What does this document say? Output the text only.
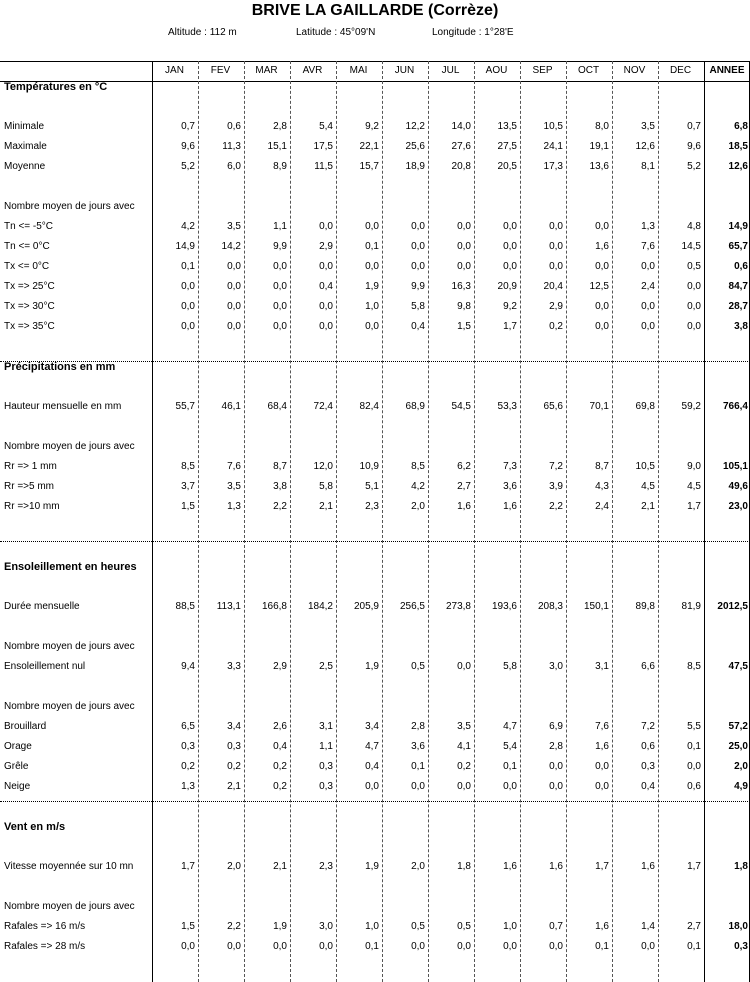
BRIVE LA GAILLARDE (Corrèze)
Altitude : 112 m	Latitude : 45°09'N	Longitude : 1°28'E
JAN	FEV	MAR	AVR	MAI	JUN	JUL	AOU	SEP	OCT	NOV	DEC	ANNEE
Températures en °C
Minimale	0,7	0,6	2,8	5,4	9,2	12,2	14,0	13,5	10,5	8,0	3,5	0,7	6,8
Maximale	9,6	11,3	15,1	17,5	22,1	25,6	27,6	27,5	24,1	19,1	12,6	9,6	18,5
Moyenne	5,2	6,0	8,9	11,5	15,7	18,9	20,8	20,5	17,3	13,6	8,1	5,2	12,6
Nombre moyen de jours avec
Tn <= -5°C	4,2	3,5	1,1	0,0	0,0	0,0	0,0	0,0	0,0	0,0	1,3	4,8	14,9
Tn <= 0°C	14,9	14,2	9,9	2,9	0,1	0,0	0,0	0,0	0,0	1,6	7,6	14,5	65,7
Tx <= 0°C	0,1	0,0	0,0	0,0	0,0	0,0	0,0	0,0	0,0	0,0	0,0	0,5	0,6
Tx => 25°C	0,0	0,0	0,0	0,4	1,9	9,9	16,3	20,9	20,4	12,5	2,4	0,0	84,7
Tx => 30°C	0,0	0,0	0,0	0,0	1,0	5,8	9,8	9,2	2,9	0,0	0,0	0,0	28,7
Tx => 35°C	0,0	0,0	0,0	0,0	0,0	0,4	1,5	1,7	0,2	0,0	0,0	0,0	3,8
Précipitations en mm
Hauteur mensuelle en mm	55,7	46,1	68,4	72,4	82,4	68,9	54,5	53,3	65,6	70,1	69,8	59,2	766,4
Nombre moyen de jours avec
Rr => 1 mm	8,5	7,6	8,7	12,0	10,9	8,5	6,2	7,3	7,2	8,7	10,5	9,0	105,1
Rr =>5 mm	3,7	3,5	3,8	5,8	5,1	4,2	2,7	3,6	3,9	4,3	4,5	4,5	49,6
Rr =>10 mm	1,5	1,3	2,2	2,1	2,3	2,0	1,6	1,6	2,2	2,4	2,1	1,7	23,0
Ensoleillement en heures
Durée mensuelle	88,5	113,1	166,8	184,2	205,9	256,5	273,8	193,6	208,3	150,1	89,8	81,9	2012,5
Nombre moyen de jours avec
Ensoleillement nul	9,4	3,3	2,9	2,5	1,9	0,5	0,0	5,8	3,0	3,1	6,6	8,5	47,5
Nombre moyen de jours avec
Brouillard	6,5	3,4	2,6	3,1	3,4	2,8	3,5	4,7	6,9	7,6	7,2	5,5	57,2
Orage	0,3	0,3	0,4	1,1	4,7	3,6	4,1	5,4	2,8	1,6	0,6	0,1	25,0
Grêle	0,2	0,2	0,2	0,3	0,4	0,1	0,2	0,1	0,0	0,0	0,3	0,0	2,0
Neige	1,3	2,1	0,2	0,3	0,0	0,0	0,0	0,0	0,0	0,0	0,4	0,6	4,9
Vent en m/s
Vitesse moyennée sur 10 mn	1,7	2,0	2,1	2,3	1,9	2,0	1,8	1,6	1,6	1,7	1,6	1,7	1,8
Nombre moyen de jours avec
Rafales => 16 m/s	1,5	2,2	1,9	3,0	1,0	0,5	0,5	1,0	0,7	1,6	1,4	2,7	18,0
Rafales => 28 m/s	0,0	0,0	0,0	0,0	0,1	0,0	0,0	0,0	0,0	0,1	0,0	0,1	0,3
